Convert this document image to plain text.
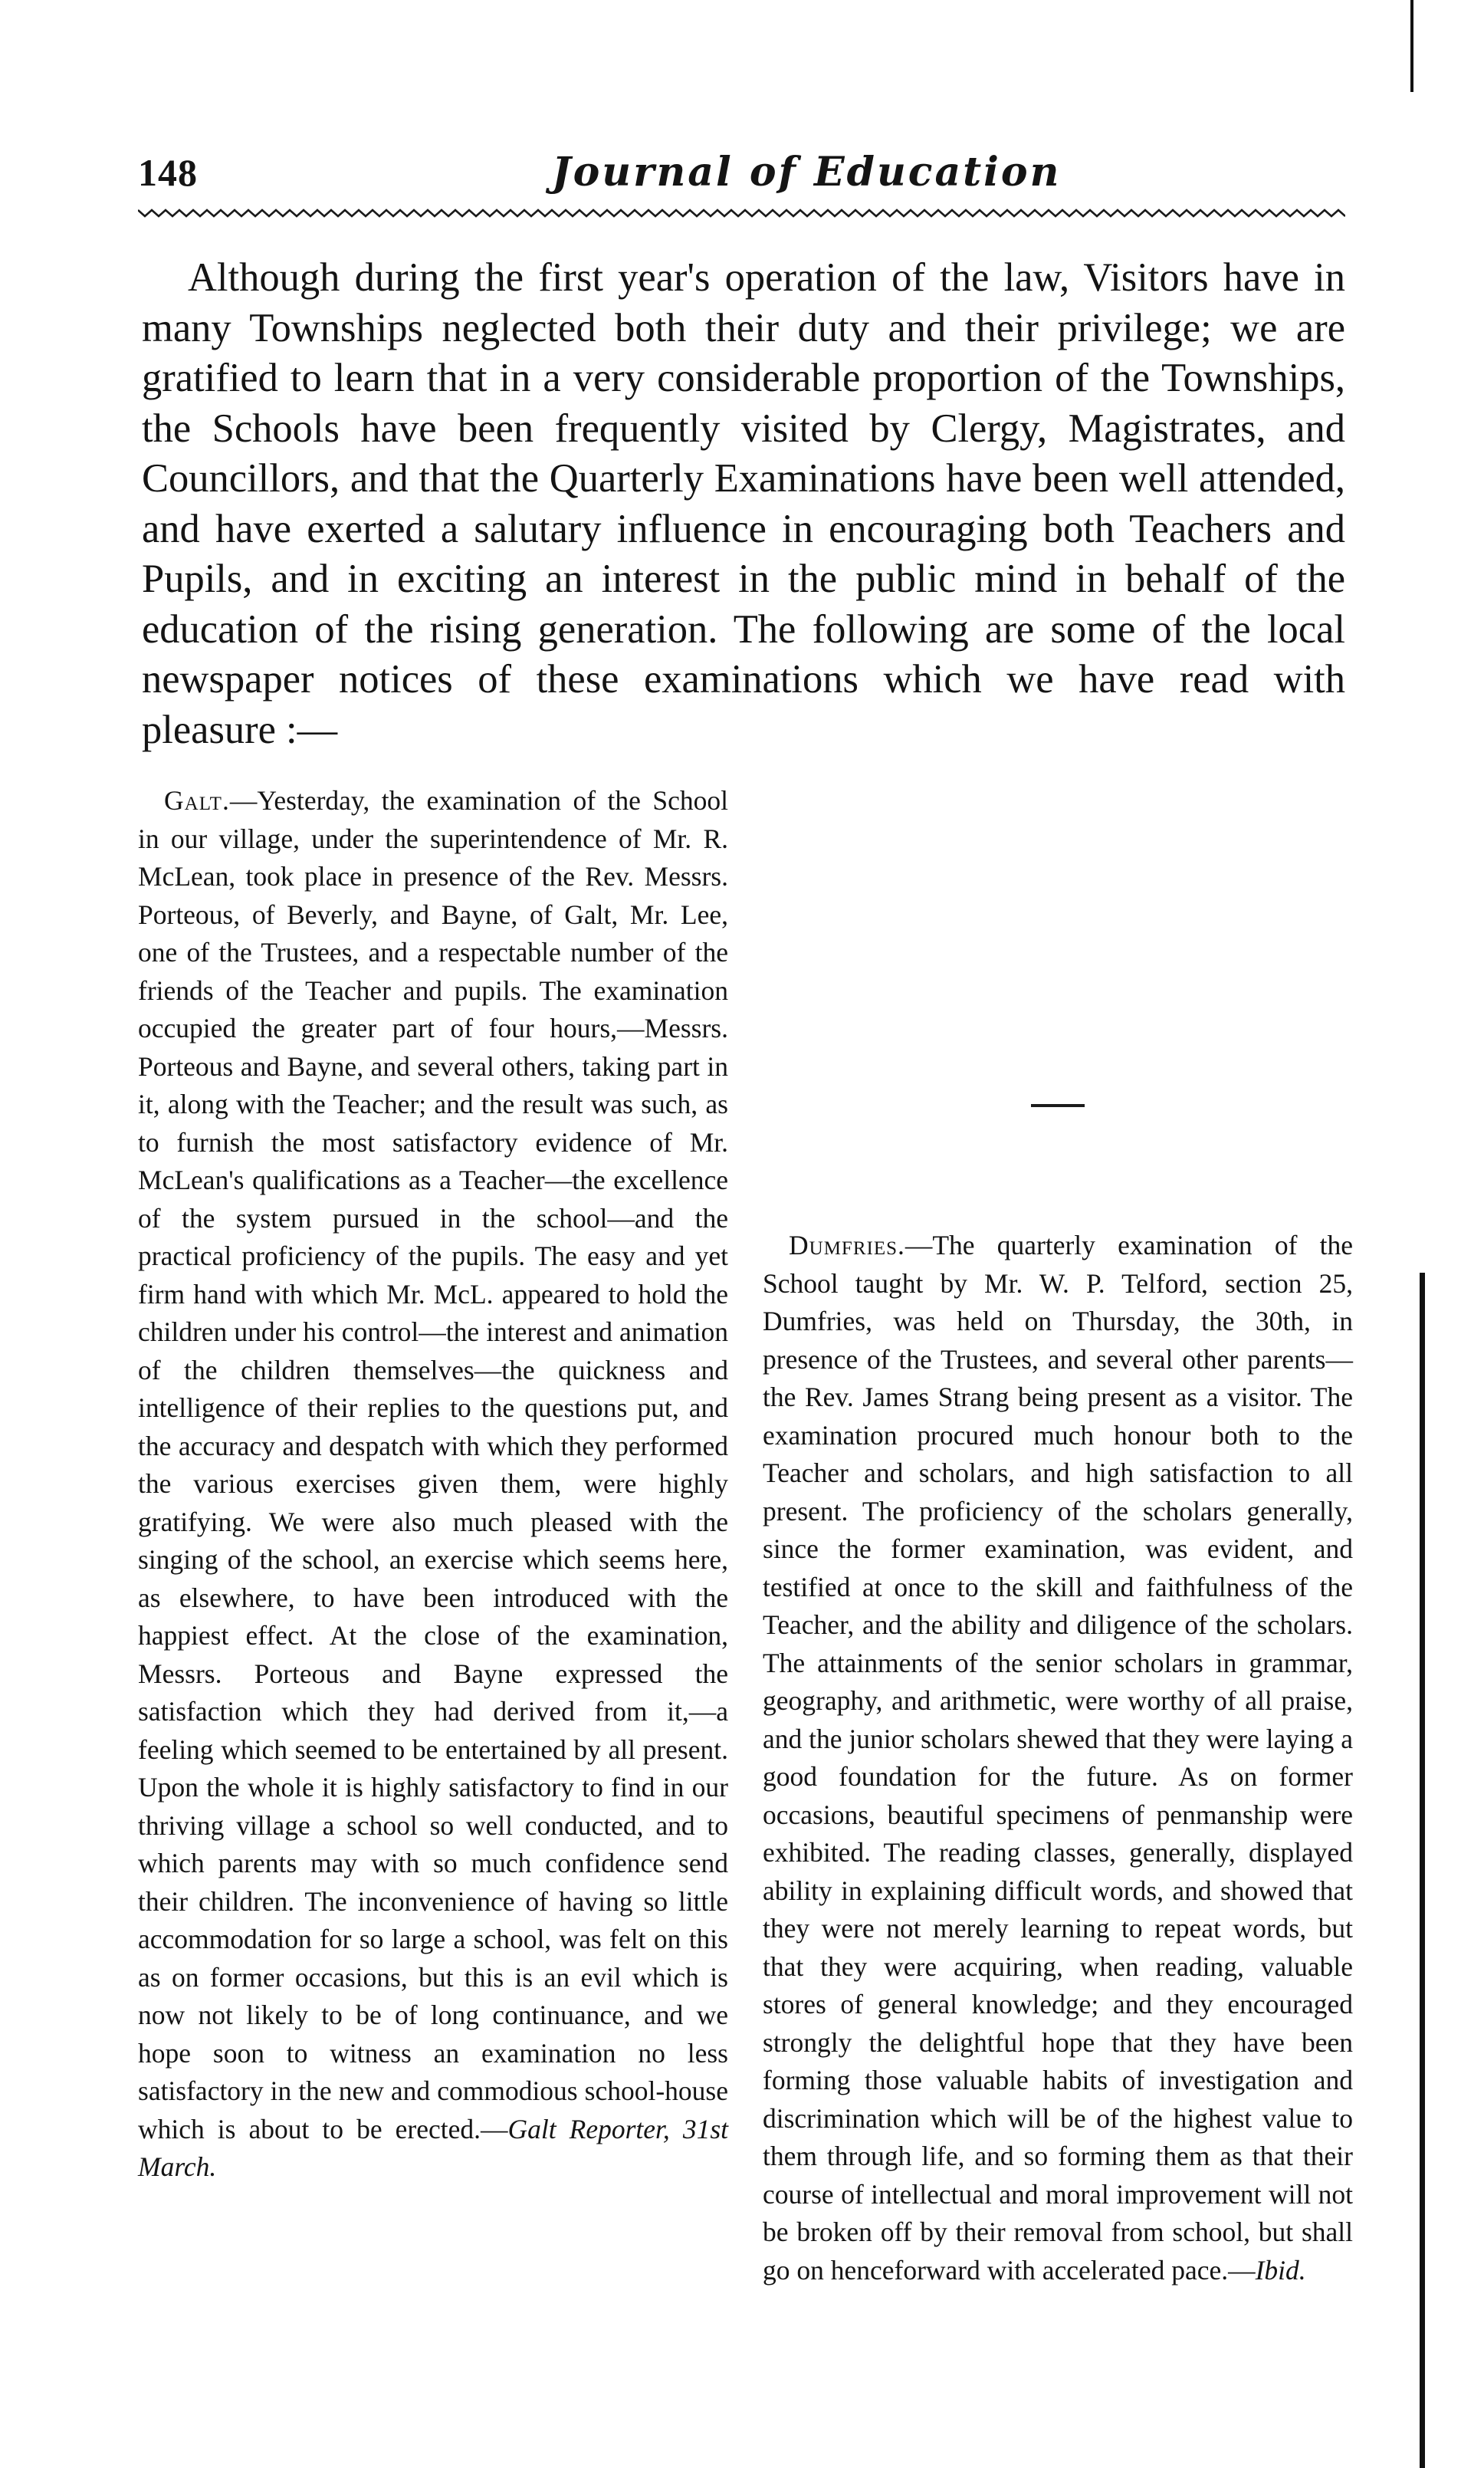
148	Journal of Education

Although during the first year's operation of the law, Visitors have in many Townships neglected both their duty and their privilege; we are gratified to learn that in a very considerable proportion of the Townships, the Schools have been frequently visited by Clergy, Magistrates, and Councillors, and that the Quarterly Examinations have been well attended, and have exerted a salutary influence in encouraging both Teachers and Pupils, and in exciting an interest in the public mind in behalf of the education of the rising generation. The following are some of the local newspaper notices of these examinations which we have read with pleasure :—

Galt.—Yesterday, the examination of the School in our village, under the superintendence of Mr. R. McLean, took place in presence of the Rev. Messrs. Porteous, of Beverly, and Bayne, of Galt, Mr. Lee, one of the Trustees, and a respectable number of the friends of the Teacher and pupils. The examination occupied the greater part of four hours,—Messrs. Porteous and Bayne, and several others, taking part in it, along with the Teacher; and the result was such, as to furnish the most satisfactory evidence of Mr. McLean's qualifications as a Teacher—the excellence of the system pursued in the school—and the practical proficiency of the pupils. The easy and yet firm hand with which Mr. McL. appeared to hold the children under his control—the interest and animation of the children themselves—the quickness and intelligence of their replies to the questions put, and the accuracy and despatch with which they performed the various exercises given them, were highly gratifying. We were also much pleased with the singing of the school, an exercise which seems here, as elsewhere, to have been introduced with the happiest effect. At the close of the examination, Messrs. Porteous and Bayne expressed the satisfaction which they had derived from it,—a feeling which seemed to be entertained by all present. Upon the whole it is highly satisfactory to find in our thriving village a school so well conducted, and to which parents may with so much confidence send their children. The inconvenience of having so little accommodation for so large a school, was felt on this as on former occasions, but this is an evil which is now not likely to be of long continuance, and we hope soon to witness an examination no less satisfactory in the new and commodious school-house which is about to be erected.—Galt Reporter, 31st March.

Dumfries.—The quarterly examination of the School taught by Mr. W. P. Telford, section 25, Dumfries, was held on Thursday, the 30th, in presence of the Trustees, and several other parents—the Rev. James Strang being present as a visitor. The examination procured much honour both to the Teacher and scholars, and high satisfaction to all present. The proficiency of the scholars generally, since the former examination, was evident, and testified at once to the skill and faithfulness of the Teacher, and the ability and diligence of the scholars. The attainments of the senior scholars in grammar, geography, and arithmetic, were worthy of all praise, and the junior scholars shewed that they were laying a good foundation for the future. As on former occasions, beautiful specimens of penmanship were exhibited. The reading classes, generally, displayed ability in explaining difficult words, and showed that they were not merely learning to repeat words, but that they were acquiring, when reading, valuable stores of general knowledge; and they encouraged strongly the delightful hope that they have been forming those valuable habits of investigation and discrimination which will be of the highest value to them through life, and so forming them as that their course of intellectual and moral improvement will not be broken off by their removal from school, but shall go on henceforward with accelerated pace.—Ibid.
